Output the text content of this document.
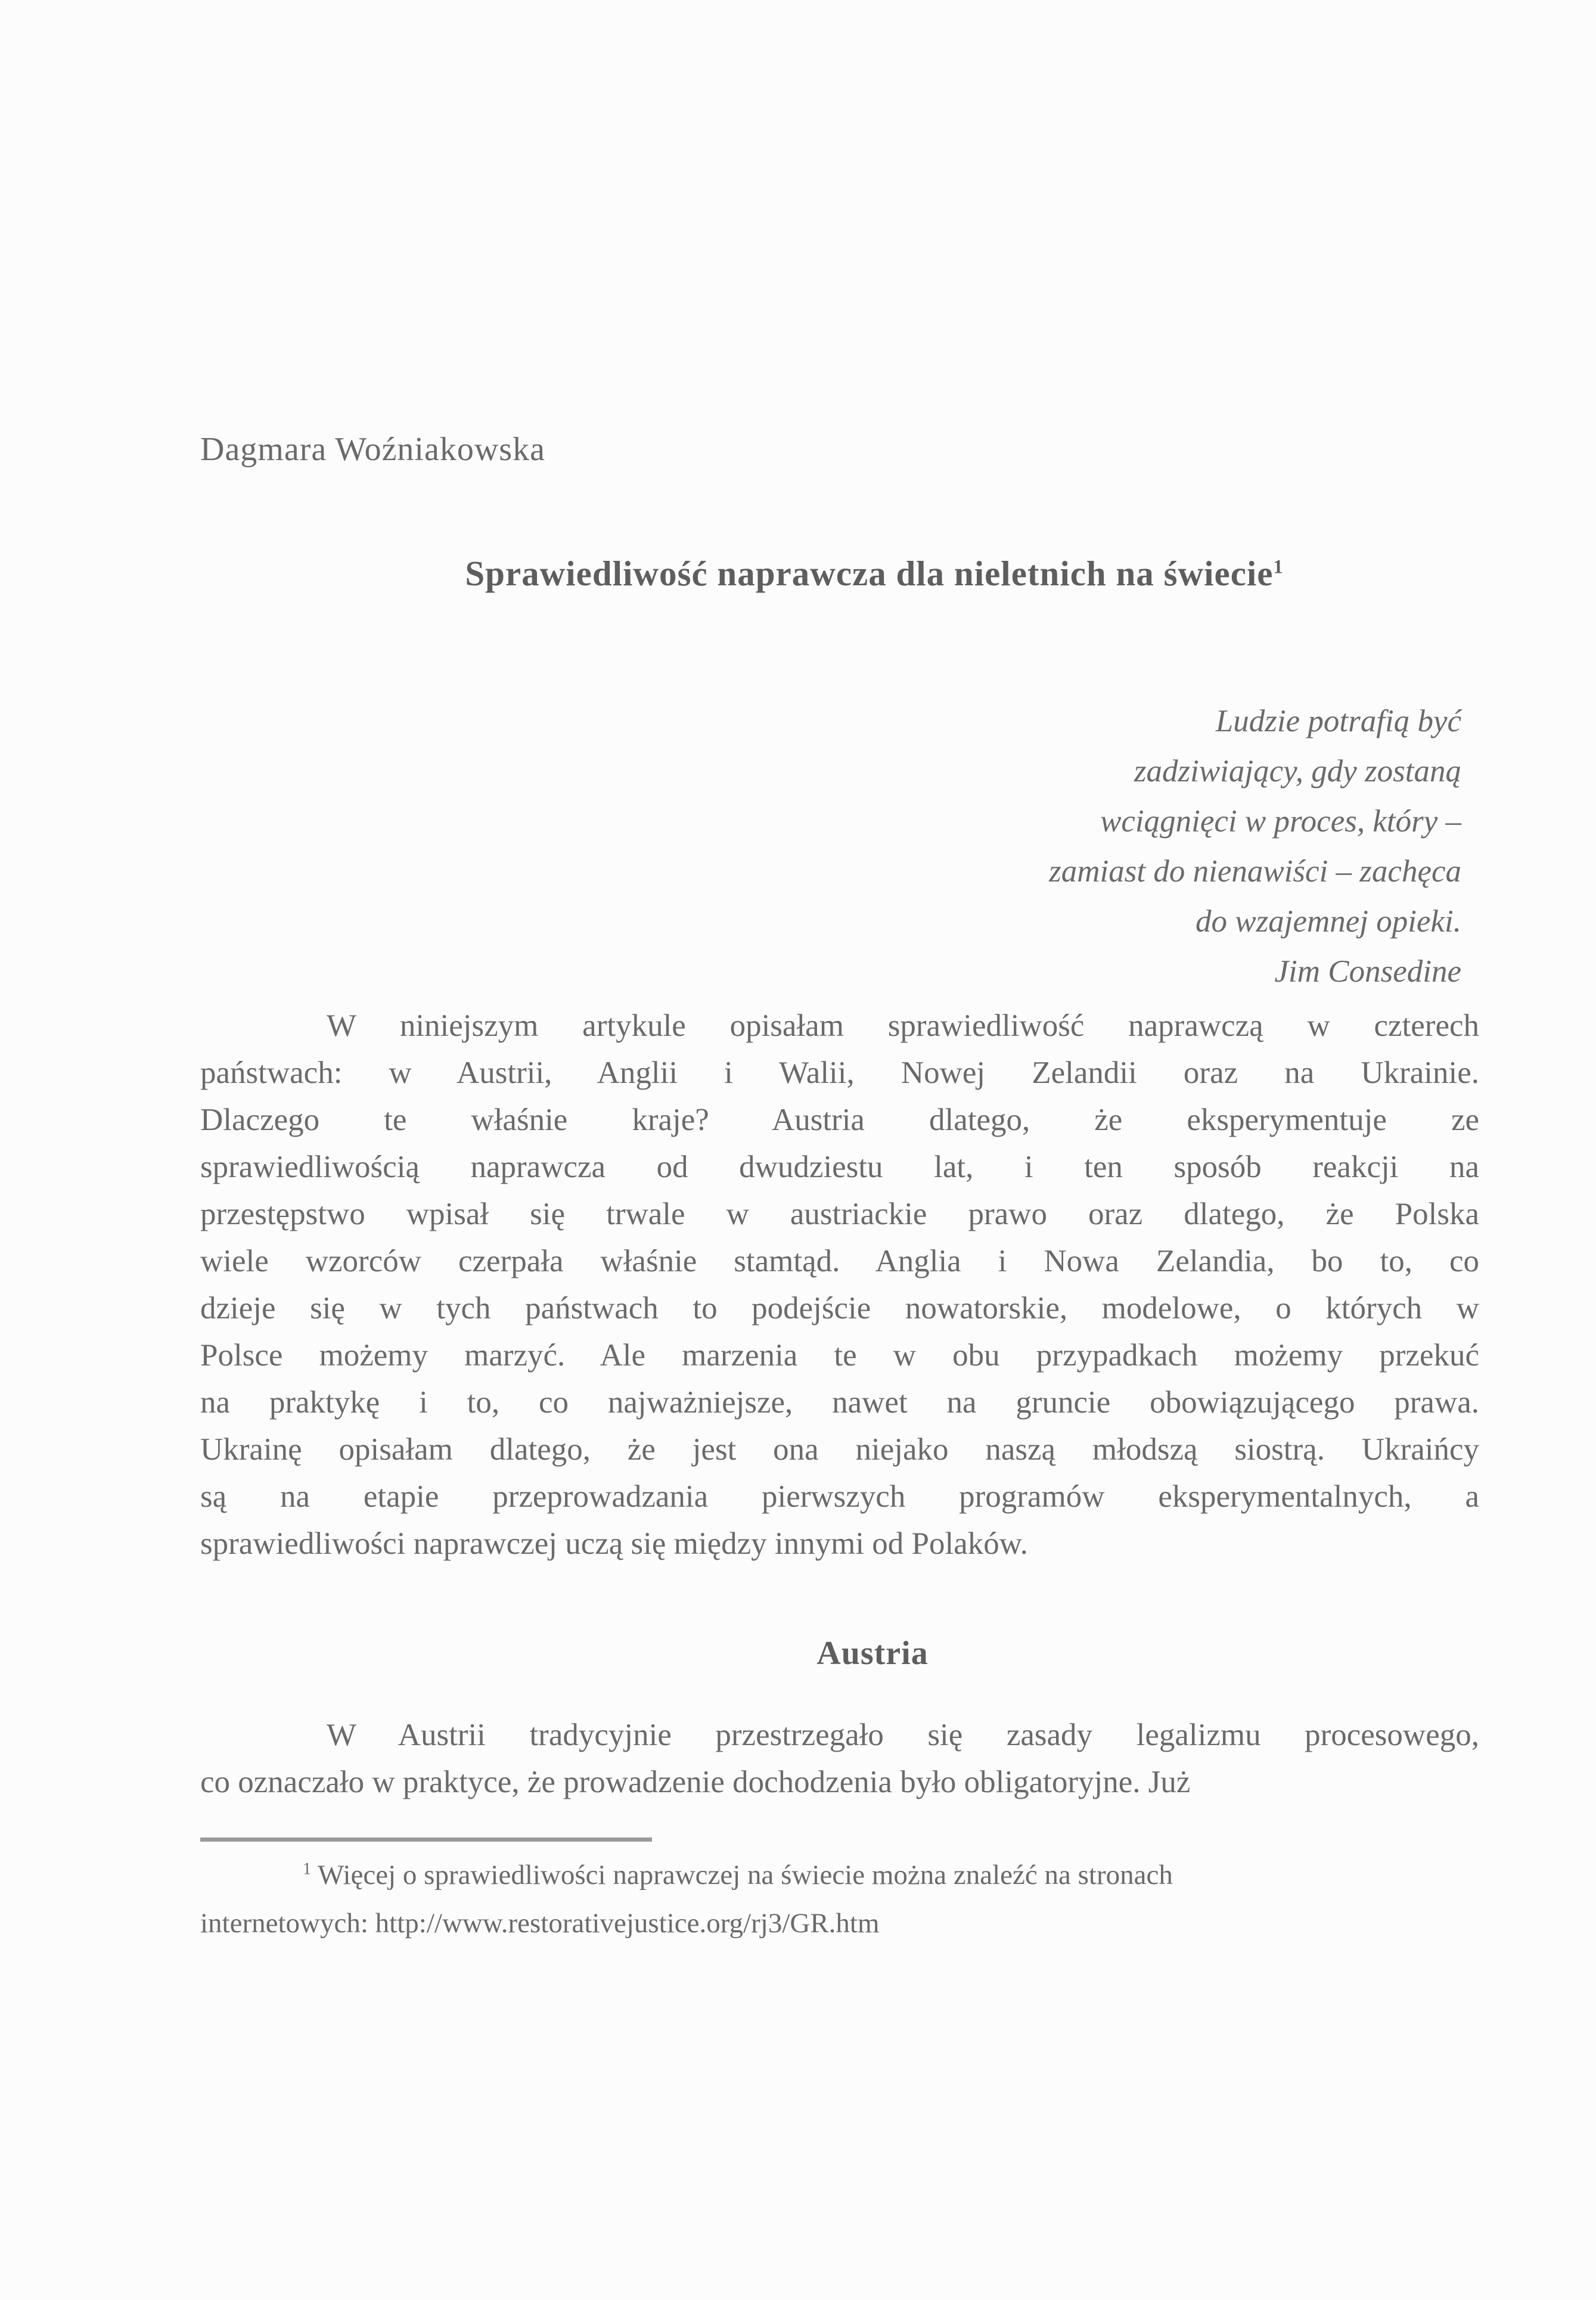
Dagmara Woźniakowska
Sprawiedliwość naprawcza dla nieletnich na świecie$^1$
Ludzie potrafią być
zadziwiający, gdy zostaną
wciągnięci w proces, który –
zamiast do nienawiści – zachęca
do wzajemnej opieki.
Jim Consedine
W niniejszym artykule opisałam sprawiedliwość naprawczą w czterech
państwach: w Austrii, Anglii i Walii, Nowej Zelandii oraz na Ukrainie.
Dlaczego te właśnie kraje? Austria dlatego, że eksperymentuje ze
sprawiedliwością naprawcza od dwudziestu lat, i ten sposób reakcji na
przestępstwo wpisał się trwale w austriackie prawo oraz dlatego, że Polska
wiele wzorców czerpała właśnie stamtąd. Anglia i Nowa Zelandia, bo to, co
dzieje się w tych państwach to podejście nowatorskie, modelowe, o których w
Polsce możemy marzyć. Ale marzenia te w obu przypadkach możemy przekuć
na praktykę i to, co najważniejsze, nawet na gruncie obowiązującego prawa.
Ukrainę opisałam dlatego, że jest ona niejako naszą młodszą siostrą. Ukraińcy
są na etapie przeprowadzania pierwszych programów eksperymentalnych, a
sprawiedliwości naprawczej uczą się między innymi od Polaków.
Austria
W Austrii tradycyjnie przestrzegało się zasady legalizmu procesowego,
co oznaczało w praktyce, że prowadzenie dochodzenia było obligatoryjne. Już
$^1$ Więcej o sprawiedliwości naprawczej na świecie można znaleźć na stronach
internetowych: http://www.restorativejustice.org/rj3/GR.htm
